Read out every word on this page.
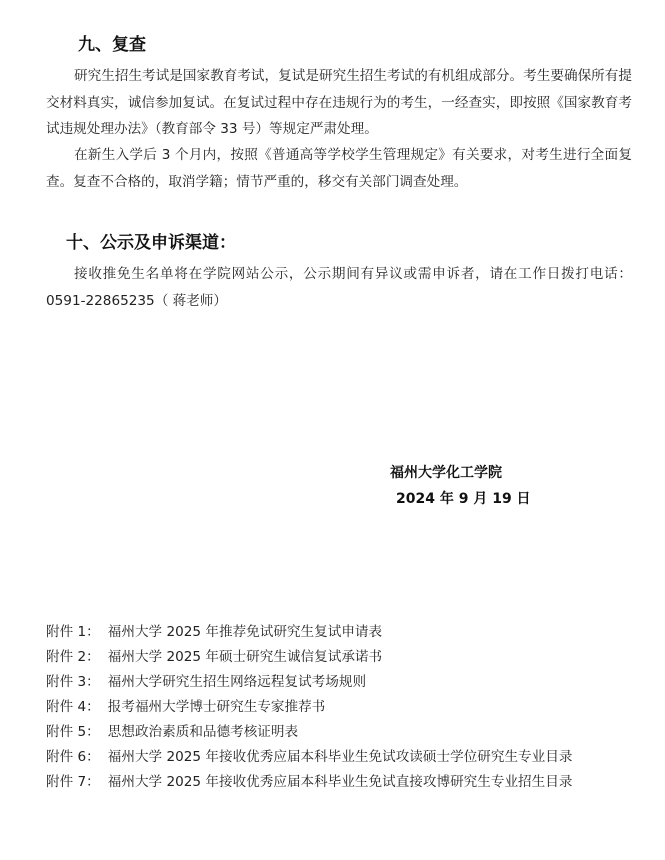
九、复查

研究生招生考试是国家教育考试，复试是研究生招生考试的有机组成部分。考生要确保所有提交材料真实，诚信参加复试。在复试过程中存在违规行为的考生，一经查实，即按照《国家教育考试违规处理办法》（教育部令 33 号）等规定严肃处理。

在新生入学后 3 个月内，按照《普通高等学校学生管理规定》有关要求，对考生进行全面复查。复查不合格的，取消学籍；情节严重的，移交有关部门调查处理。

十、公示及申诉渠道：

接收推免生名单将在学院网站公示，公示期间有异议或需申诉者，请在工作日拨打电话：0591-22865235（ 蒋老师）

福州大学化工学院
2024 年 9 月 19 日
附件 1： 福州大学 2025 年推荐免试研究生复试申请表
附件 2： 福州大学 2025 年硕士研究生诚信复试承诺书
附件 3： 福州大学研究生招生网络远程复试考场规则
附件 4： 报考福州大学博士研究生专家推荐书
附件 5： 思想政治素质和品德考核证明表
附件 6： 福州大学 2025 年接收优秀应届本科毕业生免试攻读硕士学位研究生专业目录
附件 7： 福州大学 2025 年接收优秀应届本科毕业生免试直接攻博研究生专业招生目录
